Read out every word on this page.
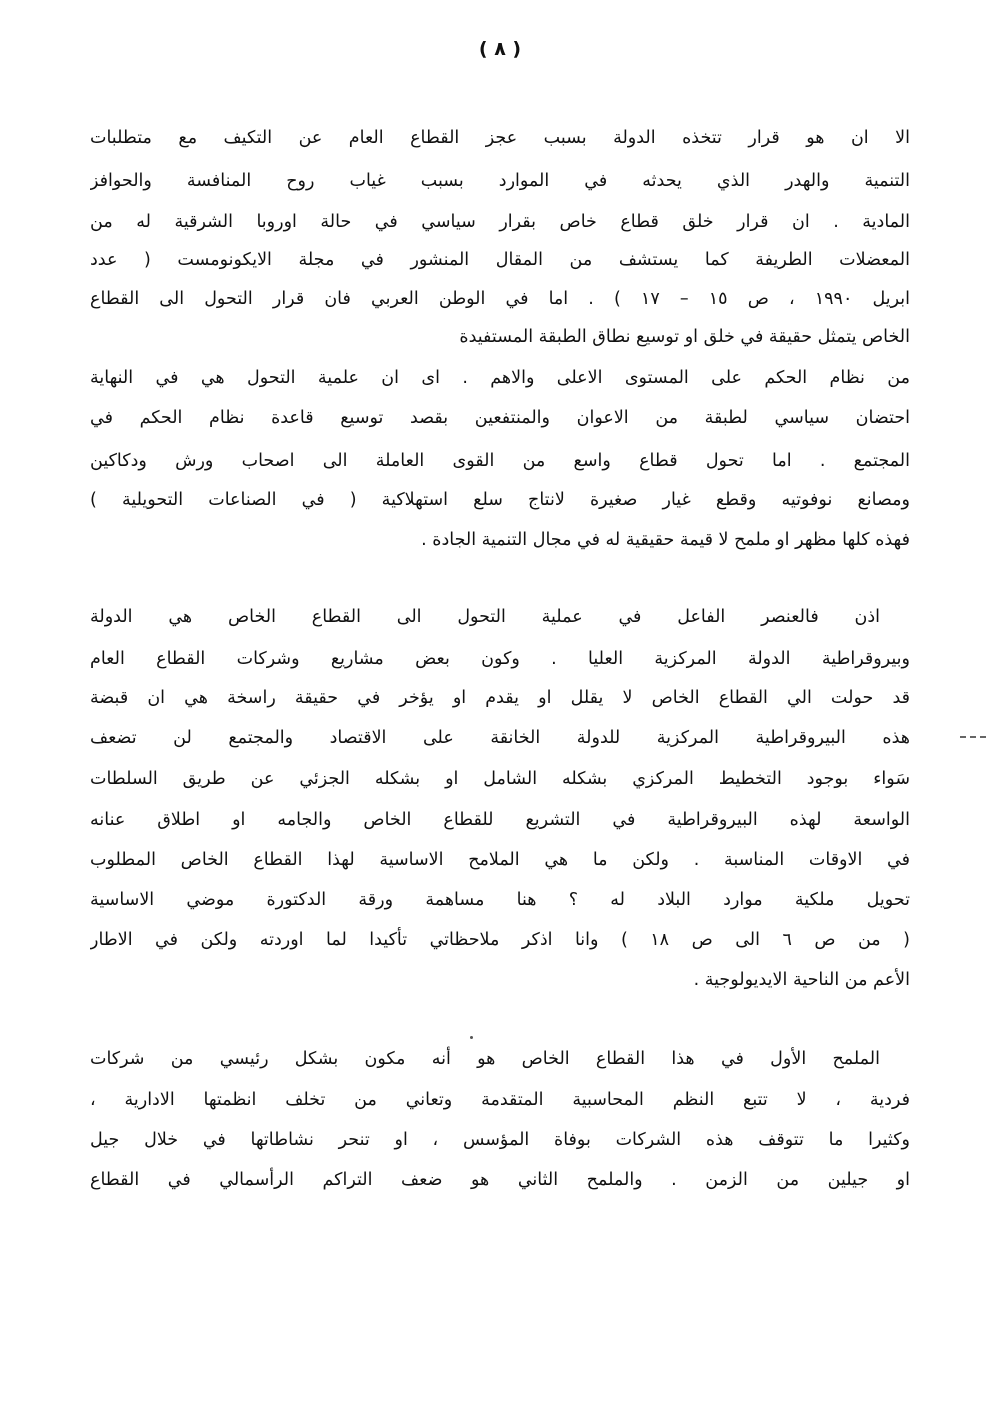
( ٨ )
الا ان هو قرار تتخذه الدولة بسبب عجز القطاع العام عن التكيف مع متطلبات
التنمية والهدر الذي يحدثه في الموارد بسبب غياب روح المنافسة والحوافز
المادية . ان قرار خلق قطاع خاص بقرار سياسي في حالة اوروبا الشرقية له من
المعضلات الطريفة كما يستشف من المقال المنشور في مجلة الايكونومست ( عدد
ابريل ١٩٩٠ ، ص ١٥ – ١٧ ) . اما في الوطن العربي فان قرار التحول الى القطاع
الخاص يتمثل حقيقة في خلق او توسيع نطاق الطبقة المستفيدة
من نظام الحكم على المستوى الاعلى والاهم . اى ان علمية التحول هي في النهاية
احتضان سياسي لطبقة من الاعوان والمنتفعين بقصد توسيع قاعدة نظام الحكم في
المجتمع . اما تحول قطاع واسع من القوى العاملة الى اصحاب ورش ودكاكين
ومصانع نوفوتيه وقطع غيار صغيرة لانتاج سلع استهلاكية ( في الصناعات التحويلية )
فهذه كلها مظهر او ملمح لا قيمة حقيقية له في مجال التنمية الجادة .
اذن فالعنصر الفاعل في عملية التحول الى القطاع الخاص هي الدولة
وبيروقراطية الدولة المركزية العليا . وكون بعض مشاريع وشركات القطاع العام
قد حولت الي القطاع الخاص لا يقلل او يقدم او يؤخر في حقيقة راسخة هي ان قبضة
هذه البيروقراطية المركزية للدولة الخانقة على الاقتصاد والمجتمع لن تضعف
سَواء بوجود التخطيط المركزي بشكله الشامل او بشكله الجزئي عن طريق السلطات
الواسعة لهذه البيروقراطية في التشريع للقطاع الخاص والجامه او اطلاق عنانه
في الاوقات المناسبة . ولكن ما هي الملامح الاساسية لهذا القطاع الخاص المطلوب
تحويل ملكية موارد البلاد له ؟ هنا مساهمة ورقة الدكتورة موضي الاساسية
( من ص ٦ الى ص ١٨ ) وانا اذكر ملاحظاتي تأكيدا لما اوردته ولكن في الاطار
الأعم من الناحية الايديولوجية .
الملمح الأول في هذا القطاع الخاص هو أنه مكون بشكل رئيسي من شركات
فردية ، لا تتبع النظم المحاسبية المتقدمة وتعاني من تخلف انظمتها الادارية ،
وكثيرا ما تتوقف هذه الشركات بوفاة المؤسس ، او تنحر نشاطاتها في خلال جيل
او جيلين من الزمن . والملمح الثاني هو ضعف التراكم الرأسمالي في القطاع
